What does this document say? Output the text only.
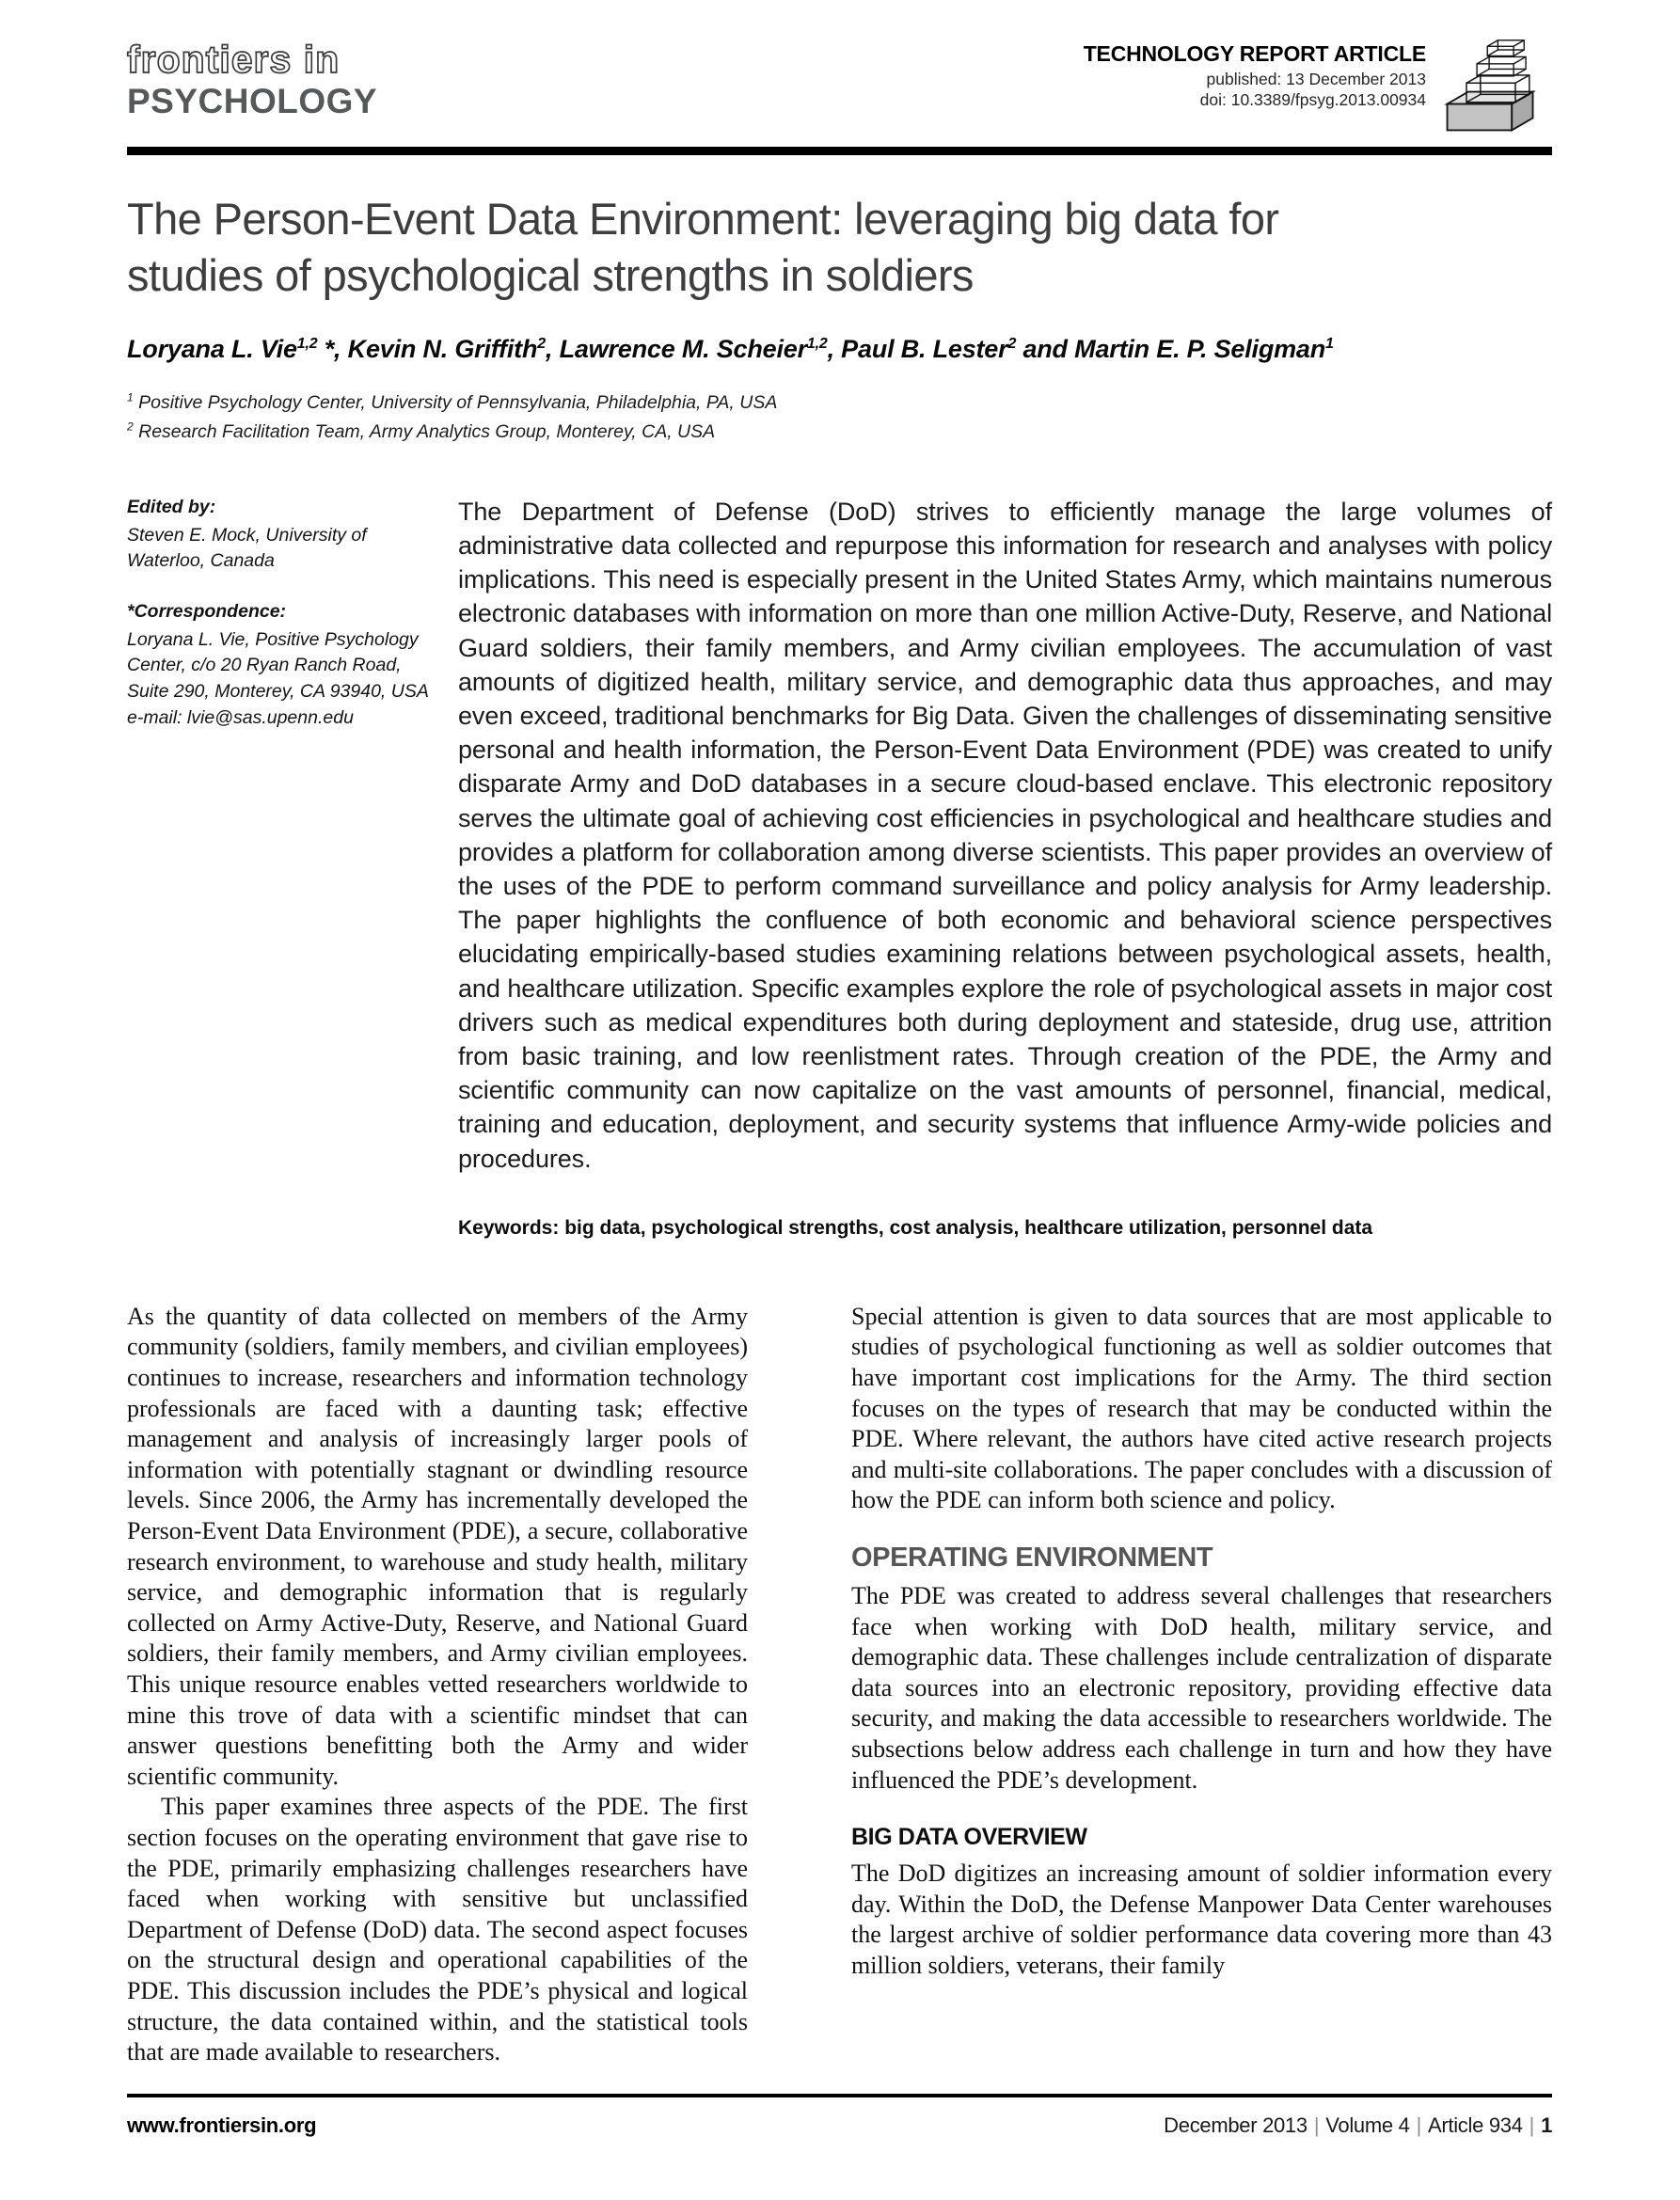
frontiers in
PSYCHOLOGY
TECHNOLOGY REPORT ARTICLE
published: 13 December 2013
doi: 10.3389/fpsyg.2013.00934
The Person-Event Data Environment: leveraging big data for
studies of psychological strengths in soldiers
Loryana L. Vie$^{1,2}$ *, Kevin N. Griffith$^2$, Lawrence M. Scheier$^{1,2}$, Paul B. Lester$^2$ and Martin E. P. Seligman$^1$
$^1$ Positive Psychology Center, University of Pennsylvania, Philadelphia, PA, USA
$^2$ Research Facilitation Team, Army Analytics Group, Monterey, CA, USA
Edited by:
Steven E. Mock, University of Waterloo, Canada
*Correspondence:
Loryana L. Vie, Positive Psychology Center, c/o 20 Ryan Ranch Road, Suite 290, Monterey, CA 93940, USA e-mail: lvie@sas.upenn.edu
The Department of Defense (DoD) strives to efficiently manage the large volumes of administrative data collected and repurpose this information for research and analyses with policy implications. This need is especially present in the United States Army, which maintains numerous electronic databases with information on more than one million Active-Duty, Reserve, and National Guard soldiers, their family members, and Army civilian employees. The accumulation of vast amounts of digitized health, military service, and demographic data thus approaches, and may even exceed, traditional benchmarks for Big Data. Given the challenges of disseminating sensitive personal and health information, the Person-Event Data Environment (PDE) was created to unify disparate Army and DoD databases in a secure cloud-based enclave. This electronic repository serves the ultimate goal of achieving cost efficiencies in psychological and healthcare studies and provides a platform for collaboration among diverse scientists. This paper provides an overview of the uses of the PDE to perform command surveillance and policy analysis for Army leadership. The paper highlights the confluence of both economic and behavioral science perspectives elucidating empirically-based studies examining relations between psychological assets, health, and healthcare utilization. Specific examples explore the role of psychological assets in major cost drivers such as medical expenditures both during deployment and stateside, drug use, attrition from basic training, and low reenlistment rates. Through creation of the PDE, the Army and scientific community can now capitalize on the vast amounts of personnel, financial, medical, training and education, deployment, and security systems that influence Army-wide policies and procedures.
Keywords: big data, psychological strengths, cost analysis, healthcare utilization, personnel data

As the quantity of data collected on members of the Army community (soldiers, family members, and civilian employees) continues to increase, researchers and information technology professionals are faced with a daunting task; effective management and analysis of increasingly larger pools of information with potentially stagnant or dwindling resource levels. Since 2006, the Army has incrementally developed the Person-Event Data Environment (PDE), a secure, collaborative research environment, to warehouse and study health, military service, and demographic information that is regularly collected on Army Active-Duty, Reserve, and National Guard soldiers, their family members, and Army civilian employees. This unique resource enables vetted researchers worldwide to mine this trove of data with a scientific mindset that can answer questions benefitting both the Army and wider scientific community.

This paper examines three aspects of the PDE. The first section focuses on the operating environment that gave rise to the PDE, primarily emphasizing challenges researchers have faced when working with sensitive but unclassified Department of Defense (DoD) data. The second aspect focuses on the structural design and operational capabilities of the PDE. This discussion includes the PDE’s physical and logical structure, the data contained within, and the statistical tools that are made available to researchers.

Special attention is given to data sources that are most applicable to studies of psychological functioning as well as soldier outcomes that have important cost implications for the Army. The third section focuses on the types of research that may be conducted within the PDE. Where relevant, the authors have cited active research projects and multi-site collaborations. The paper concludes with a discussion of how the PDE can inform both science and policy.

OPERATING ENVIRONMENT

The PDE was created to address several challenges that researchers face when working with DoD health, military service, and demographic data. These challenges include centralization of disparate data sources into an electronic repository, providing effective data security, and making the data accessible to researchers worldwide. The subsections below address each challenge in turn and how they have influenced the PDE’s development.

BIG DATA OVERVIEW

The DoD digitizes an increasing amount of soldier information every day. Within the DoD, the Defense Manpower Data Center warehouses the largest archive of soldier performance data covering more than 43 million soldiers, veterans, their family

www.frontiersin.org	December 2013 | Volume 4 | Article 934 | 1
